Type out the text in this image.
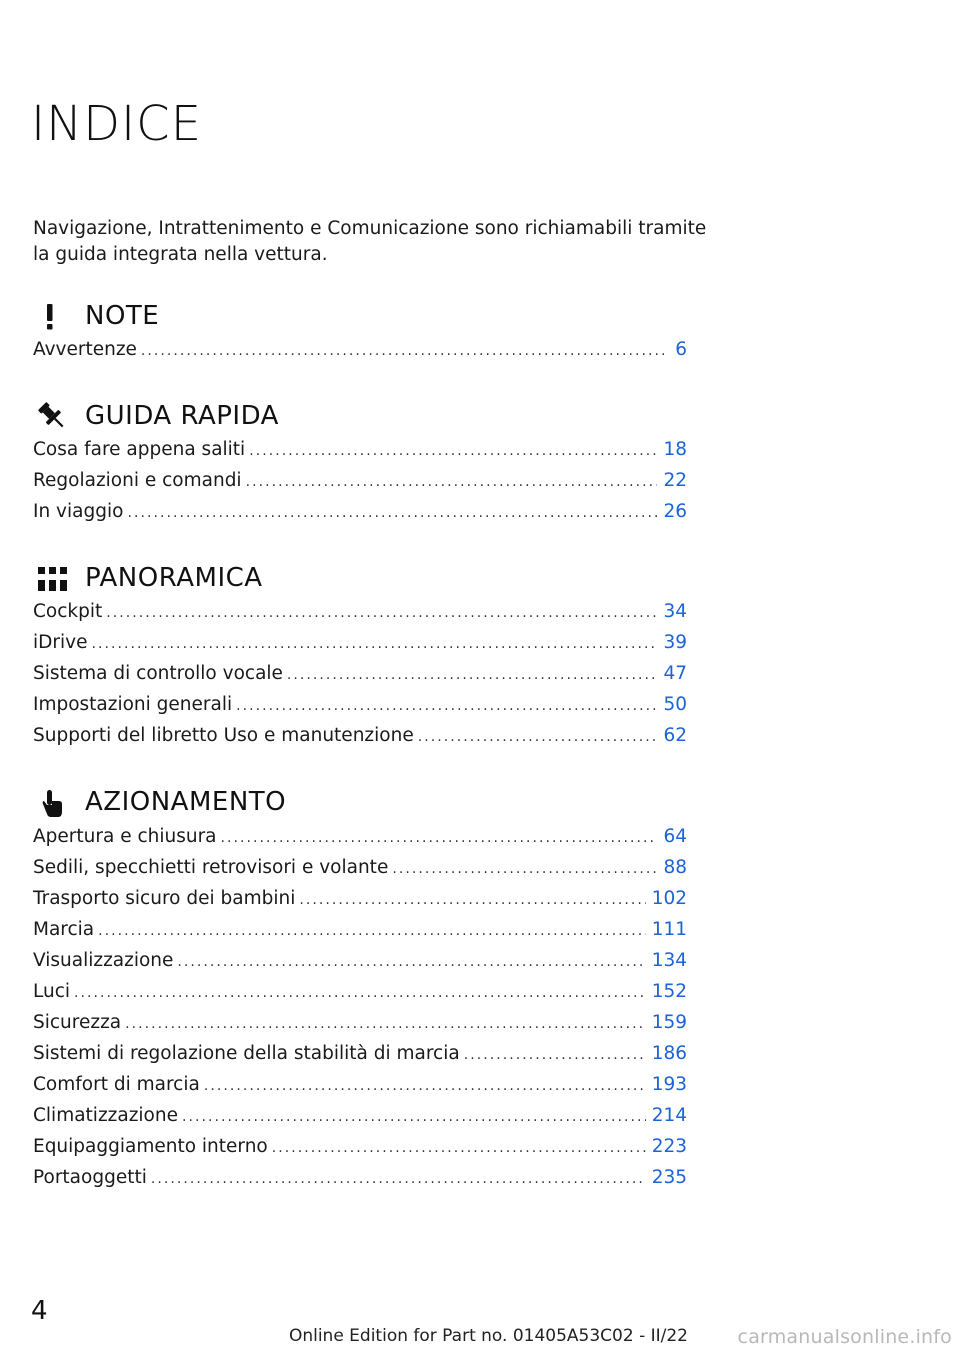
INDICE

Navigazione, Intrattenimento e Comunicazione sono richiamabili tramite la guida integrata nella vettura.

NOTE
Avvertenze . . .	6
GUIDA RAPIDA
Cosa fare appena saliti . . .	18
Regolazioni e comandi . . .	22
In viaggio . . .	26
PANORAMICA
Cockpit . . .	34
iDrive . . .	39
Sistema di controllo vocale . . .	47
Impostazioni generali . . .	50
Supporti del libretto Uso e manutenzione . . .	62
AZIONAMENTO
Apertura e chiusura . . .	64
Sedili, specchietti retrovisori e volante . . .	88
Trasporto sicuro dei bambini . . .	102
Marcia . . .	111
Visualizzazione . . .	134
Luci . . .	152
Sicurezza . . .	159
Sistemi di regolazione della stabilità di marcia . . .	186
Comfort di marcia . . .	193
Climatizzazione . . .	214
Equipaggiamento interno . . .	223
Portaoggetti . . .	235
4
Online Edition for Part no. 01405A53C02 - II/22	carmanualsonline.info
